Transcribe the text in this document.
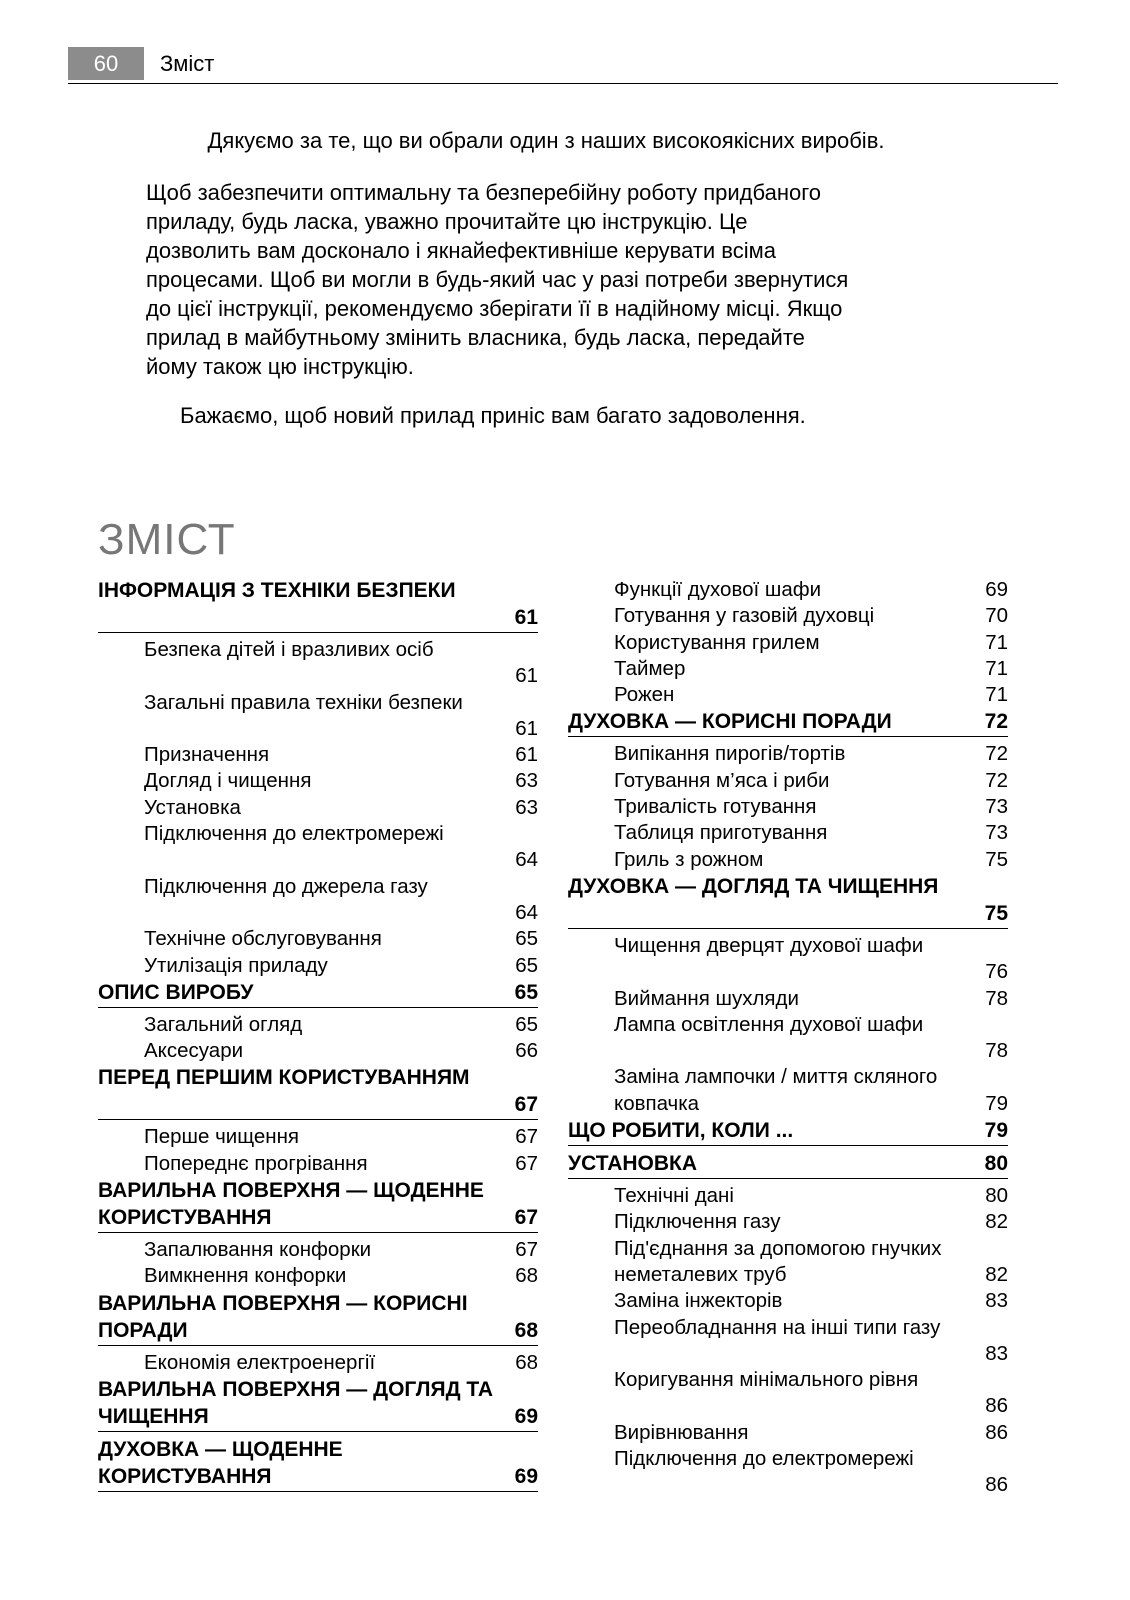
60	Зміст
Дякуємо за те, що ви обрали один з наших високоякісних виробів.
Щоб забезпечити оптимальну та безперебійну роботу придбаного
приладу, будь ласка, уважно прочитайте цю інструкцію. Це
дозволить вам досконало і якнайефективніше керувати всіма
процесами. Щоб ви могли в будь-який час у разі потреби звернутися
до цієї інструкції, рекомендуємо зберігати її в надійному місці. Якщо
прилад в майбутньому змінить власника, будь ласка, передайте
йому також цю інструкцію.
Бажаємо, щоб новий прилад приніс вам багато задоволення.
ЗМІСТ
ІНФОРМАЦІЯ З ТЕХНІКИ БЕЗПЕКИ
61
Безпека дітей і вразливих осіб
61
Загальні правила техніки безпеки
61
Призначення	61
Догляд і чищення	63
Установка	63
Підключення до електромережі
64
Підключення до джерела газу
64
Технічне обслуговування	65
Утилізація приладу	65
ОПИС ВИРОБУ	65
Загальний огляд	65
Аксесуари	66
ПЕРЕД ПЕРШИМ КОРИСТУВАННЯМ
67
Перше чищення	67
Попереднє прогрівання	67
ВАРИЛЬНА ПОВЕРХНЯ — ЩОДЕННЕ
КОРИСТУВАННЯ	67
Запалювання конфорки	67
Вимкнення конфорки	68
ВАРИЛЬНА ПОВЕРХНЯ — КОРИСНІ
ПОРАДИ	68
Економія електроенергії	68
ВАРИЛЬНА ПОВЕРХНЯ — ДОГЛЯД ТА
ЧИЩЕННЯ	69
ДУХОВКА — ЩОДЕННЕ
КОРИСТУВАННЯ	69
Функції духової шафи	69
Готування у газовій духовці	70
Користування грилем	71
Таймер	71
Рожен	71
ДУХОВКА — КОРИСНІ ПОРАДИ	72
Випікання пирогів/тортів	72
Готування м’яса і риби	72
Тривалість готування	73
Таблиця приготування	73
Гриль з рожном	75
ДУХОВКА — ДОГЛЯД ТА ЧИЩЕННЯ
75
Чищення дверцят духової шафи
76
Виймання шухляди	78
Лампа освітлення духової шафи
78
Заміна лампочки / миття скляного
ковпачка	79
ЩО РОБИТИ, КОЛИ ...	79
УСТАНОВКА	80
Технічні дані	80
Підключення газу	82
Під'єднання за допомогою гнучких
неметалевих труб	82
Заміна інжекторів	83
Переобладнання на інші типи газу
83
Коригування мінімального рівня
86
Вирівнювання	86
Підключення до електромережі
86
